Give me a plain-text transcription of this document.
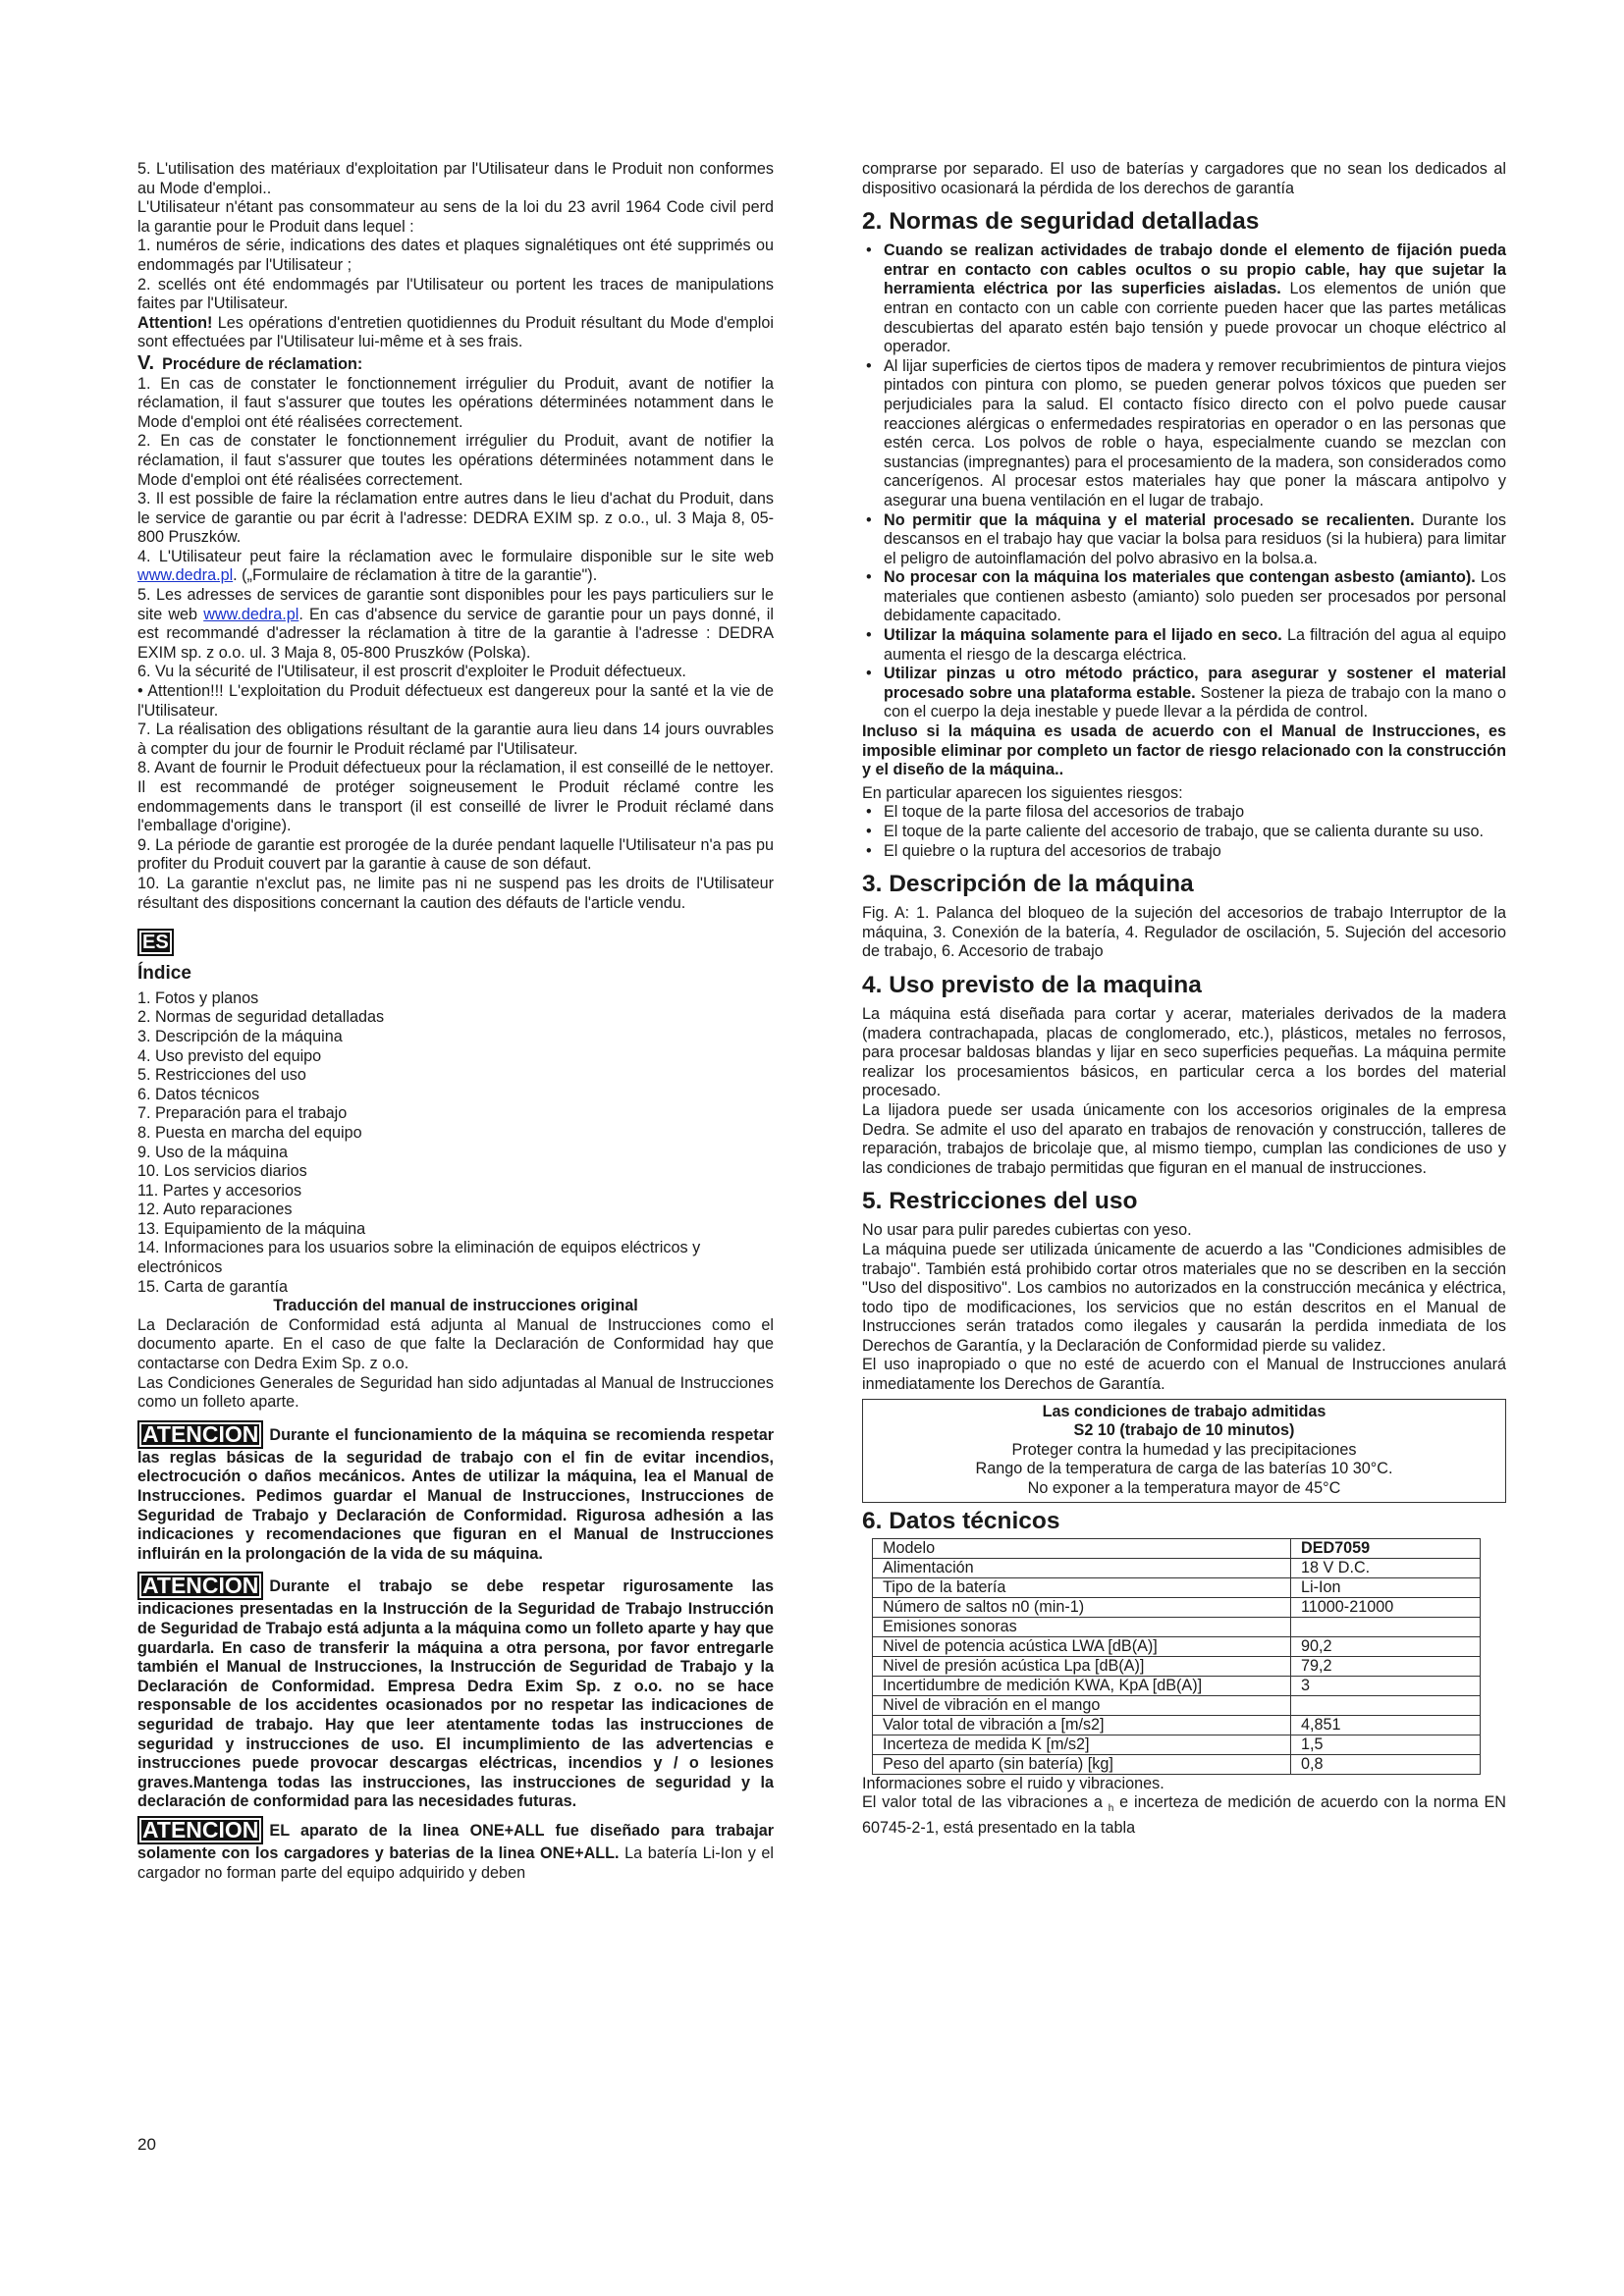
5. L'utilisation des matériaux d'exploitation par l'Utilisateur dans le Produit non conformes au Mode d'emploi..

L'Utilisateur n'étant pas consommateur au sens de la loi du 23 avril 1964 Code civil perd la garantie pour le Produit dans lequel :

1. numéros de série, indications des dates et plaques signalétiques ont été supprimés ou endommagés par l'Utilisateur ;

2. scellés ont été endommagés par l'Utilisateur ou portent les traces de manipulations faites par l'Utilisateur.

Attention! Les opérations d'entretien quotidiennes du Produit résultant du Mode d'emploi sont effectuées par l'Utilisateur lui-même et à ses frais.

V. Procédure de réclamation:

1. En cas de constater le fonctionnement irrégulier du Produit, avant de notifier la réclamation, il faut s'assurer que toutes les opérations déterminées notamment dans le Mode d'emploi ont été réalisées correctement.

2. En cas de constater le fonctionnement irrégulier du Produit, avant de notifier la réclamation, il faut s'assurer que toutes les opérations déterminées notamment dans le Mode d'emploi ont été réalisées correctement.

3. Il est possible de faire la réclamation entre autres dans le lieu d'achat du Produit, dans le service de garantie ou par écrit à l'adresse: DEDRA EXIM sp. z o.o., ul. 3 Maja 8, 05-800 Pruszków.

4. L'Utilisateur peut faire la réclamation avec le formulaire disponible sur le site web www.dedra.pl. („Formulaire de réclamation à titre de la garantie").

5. Les adresses de services de garantie sont disponibles pour les pays particuliers sur le site web www.dedra.pl. En cas d'absence du service de garantie pour un pays donné, il est recommandé d'adresser la réclamation à titre de la garantie à l'adresse : DEDRA EXIM sp. z o.o. ul. 3 Maja 8, 05-800 Pruszków (Polska).

6. Vu la sécurité de l'Utilisateur, il est proscrit d'exploiter le Produit défectueux.

• Attention!!! L'exploitation du Produit défectueux est dangereux pour la santé et la vie de l'Utilisateur.

7. La réalisation des obligations résultant de la garantie aura lieu dans 14 jours ouvrables à compter du jour de fournir le Produit réclamé par l'Utilisateur.

8. Avant de fournir le Produit défectueux pour la réclamation, il est conseillé de le nettoyer. Il est recommandé de protéger soigneusement le Produit réclamé contre les endommagements dans le transport (il est conseillé de livrer le Produit réclamé dans l'emballage d'origine).

9. La période de garantie est prorogée de la durée pendant laquelle l'Utilisateur n'a pas pu profiter du Produit couvert par la garantie à cause de son défaut.

10. La garantie n'exclut pas, ne limite pas ni ne suspend pas les droits de l'Utilisateur résultant des dispositions concernant la caution des défauts de l'article vendu.

ES
Índice
1. Fotos y planos
2. Normas de seguridad detalladas
3. Descripción de la máquina
4. Uso previsto del equipo
5. Restricciones del uso
6. Datos técnicos
7. Preparación para el trabajo
8. Puesta en marcha del equipo
9. Uso de la máquina
10. Los servicios diarios
11. Partes y accesorios
12. Auto reparaciones
13. Equipamiento de la máquina
14. Informaciones para los usuarios sobre la eliminación de equipos eléctricos y electrónicos
15. Carta de garantía
Traducción del manual de instrucciones original

La Declaración de Conformidad está adjunta al Manual de Instrucciones como el documento aparte. En el caso de que falte la Declaración de Conformidad hay que contactarse con Dedra Exim Sp. z o.o.

Las Condiciones Generales de Seguridad han sido adjuntadas al Manual de Instrucciones como un folleto aparte.

ATENCION Durante el funcionamiento de la máquina se recomienda respetar las reglas básicas de la seguridad de trabajo con el fin de evitar incendios, electrocución o daños mecánicos. Antes de utilizar la máquina, lea el Manual de Instrucciones. Pedimos guardar el Manual de Instrucciones, Instrucciones de Seguridad de Trabajo y Declaración de Conformidad. Rigurosa adhesión a las indicaciones y recomendaciones que figuran en el Manual de Instrucciones influirán en la prolongación de la vida de su máquina.
ATENCION Durante el trabajo se debe respetar rigurosamente las indicaciones presentadas en la Instrucción de la Seguridad de Trabajo Instrucción de Seguridad de Trabajo está adjunta a la máquina como un folleto aparte y hay que guardarla. En caso de transferir la máquina a otra persona, por favor entregarle también el Manual de Instrucciones, la Instrucción de Seguridad de Trabajo y la Declaración de Conformidad. Empresa Dedra Exim Sp. z o.o. no se hace responsable de los accidentes ocasionados por no respetar las indicaciones de seguridad de trabajo. Hay que leer atentamente todas las instrucciones de seguridad y instrucciones de uso. El incumplimiento de las advertencias e instrucciones puede provocar descargas eléctricas, incendios y / o lesiones graves.Mantenga todas las instrucciones, las instrucciones de seguridad y la declaración de conformidad para las necesidades futuras.
ATENCION EL aparato de la linea ONE+ALL fue diseñado para trabajar solamente con los cargadores y baterias de la linea ONE+ALL. La batería Li-Ion y el cargador no forman parte del equipo adquirido y deben

comprarse por separado. El uso de baterías y cargadores que no sean los dedicados al dispositivo ocasionará la pérdida de los derechos de garantía

2. Normas de seguridad detalladas
• Cuando se realizan actividades de trabajo donde el elemento de fijación pueda entrar en contacto con cables ocultos o su propio cable, hay que sujetar la herramienta eléctrica por las superficies aisladas. Los elementos de unión que entran en contacto con un cable con corriente pueden hacer que las partes metálicas descubiertas del aparato estén bajo tensión y puede provocar un choque eléctrico al operador.
• Al lijar superficies de ciertos tipos de madera y remover recubrimientos de pintura viejos pintados con pintura con plomo, se pueden generar polvos tóxicos que pueden ser perjudiciales para la salud. El contacto físico directo con el polvo puede causar reacciones alérgicas o enfermedades respiratorias en operador o en las personas que estén cerca. Los polvos de roble o haya, especialmente cuando se mezclan con sustancias (impregnantes) para el procesamiento de la madera, son considerados como cancerígenos. Al procesar estos materiales hay que poner la máscara antipolvo y asegurar una buena ventilación en el lugar de trabajo.
• No permitir que la máquina y el material procesado se recalienten. Durante los descansos en el trabajo hay que vaciar la bolsa para residuos (si la hubiera) para limitar el peligro de autoinflamación del polvo abrasivo en la bolsa.a.
• No procesar con la máquina los materiales que contengan asbesto (amianto). Los materiales que contienen asbesto (amianto) solo pueden ser procesados por personal debidamente capacitado.
• Utilizar la máquina solamente para el lijado en seco. La filtración del agua al equipo aumenta el riesgo de la descarga eléctrica.
• Utilizar pinzas u otro método práctico, para asegurar y sostener el material procesado sobre una plataforma estable. Sostener la pieza de trabajo con la mano o con el cuerpo la deja inestable y puede llevar a la pérdida de control.

Incluso si la máquina es usada de acuerdo con el Manual de Instrucciones, es imposible eliminar por completo un factor de riesgo relacionado con la construcción y el diseño de la máquina..

En particular aparecen los siguientes riesgos:

• El toque de la parte filosa del accesorios de trabajo
• El toque de la parte caliente del accesorio de trabajo, que se calienta durante su uso.
• El quiebre o la ruptura del accesorios de trabajo
3. Descripción de la máquina

Fig. A: 1. Palanca del bloqueo de la sujeción del accesorios de trabajo Interruptor de la máquina, 3. Conexión de la batería, 4. Regulador de oscilación, 5. Sujeción del accesorio de trabajo, 6. Accesorio de trabajo

4. Uso previsto de la maquina

La máquina está diseñada para cortar y acerar, materiales derivados de la madera (madera contrachapada, placas de conglomerado, etc.), plásticos, metales no ferrosos, para procesar baldosas blandas y lijar en seco superficies pequeñas. La máquina permite realizar los procesamientos básicos, en particular cerca a los bordes del material procesado.

La lijadora puede ser usada únicamente con los accesorios originales de la empresa Dedra. Se admite el uso del aparato en trabajos de renovación y construcción, talleres de reparación, trabajos de bricolaje que, al mismo tiempo, cumplan las condiciones de uso y las condiciones de trabajo permitidas que figuran en el manual de instrucciones.

5. Restricciones del uso

No usar para pulir paredes cubiertas con yeso.

La máquina puede ser utilizada únicamente de acuerdo a las "Condiciones admisibles de trabajo". También está prohibido cortar otros materiales que no se describen en la sección "Uso del dispositivo". Los cambios no autorizados en la construcción mecánica y eléctrica, todo tipo de modificaciones, los servicios que no están descritos en el Manual de Instrucciones serán tratados como ilegales y causarán la perdida inmediata de los Derechos de Garantía, y la Declaración de Conformidad pierde su validez.

El uso inapropiado o que no esté de acuerdo con el Manual de Instrucciones anulará inmediatamente los Derechos de Garantía.

Las condiciones de trabajo admitidas
S2 10 (trabajo de 10 minutos)
Proteger contra la humedad y las precipitaciones
Rango de la temperatura de carga de las baterías 10 30°C.
No exponer a la temperatura mayor de 45°C
6. Datos técnicos
Modelo	DED7059
Alimentación	18 V D.C.
Tipo de la batería	Li-Ion
Número de saltos n0 (min-1)	11000-21000
Emisiones sonoras	
Nivel de potencia acústica LWA [dB(A)]	90,2
Nivel de presión acústica Lpa [dB(A)]	79,2
Incertidumbre de medición KWA, KpA [dB(A)]	3
Nivel de vibración en el mango	
Valor total de vibración a [m/s2]	4,851
Incerteza de medida K [m/s2]	1,5
Peso del aparto (sin batería) [kg]	0,8

Informaciones sobre el ruido y vibraciones.

El valor total de las vibraciones a $_h$ e incerteza de medición de acuerdo con la norma EN 60745-2-1, está presentado en la tabla

20
